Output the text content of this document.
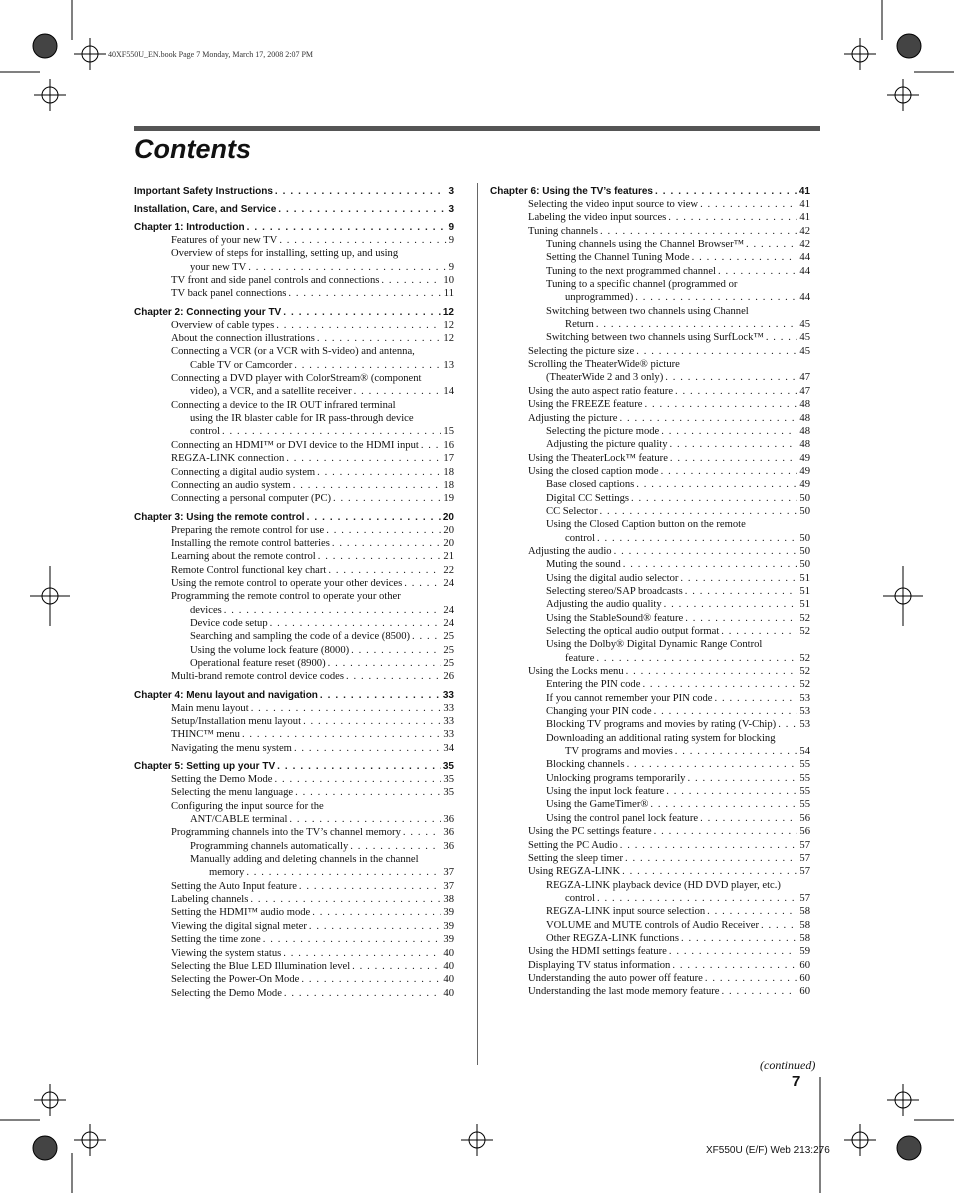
40XF550U_EN.book Page 7 Monday, March 17, 2008 2:07 PM
Contents
Important Safety Instructions . . .	3
Installation, Care, and Service . . .	3
Chapter 1: Introduction . . .	9
Features of your new TV . . .	9
Overview of steps for installing, setting up, and using
your new TV . . .	9
TV front and side panel controls and connections . . .	10
TV back panel connections . . .	11
Chapter 2: Connecting your TV . . .	12
Overview of cable types . . .	12
About the connection illustrations . . .	12
Connecting a VCR (or a VCR with S-video) and antenna,
Cable TV or Camcorder . . .	13
Connecting a DVD player with ColorStream® (component
video), a VCR, and a satellite receiver . . .	14
Connecting a device to the IR OUT infrared terminal
using the IR blaster cable for IR pass-through device
control . . .	15
Connecting an HDMI™ or DVI device to the HDMI input . . . 16
REGZA-LINK connection . . .	17
Connecting a digital audio system . . .	18
Connecting an audio system . . .	18
Connecting a personal computer (PC) . . .	19
Chapter 3: Using the remote control . . .	20
Preparing the remote control for use . . .	20
Installing the remote control batteries . . .	20
Learning about the remote control . . .	21
Remote Control functional key chart . . .	22
Using the remote control to operate your other devices . . .	24
Programming the remote control to operate your other
devices . . .	24
Device code setup . . .	24
Searching and sampling the code of a device (8500) . . .	25
Using the volume lock feature (8000) . . .	25
Operational feature reset (8900) . . .	25
Multi-brand remote control device codes . . .	26
Chapter 4: Menu layout and navigation . . .	33
Main menu layout . . .	33
Setup/Installation menu layout . . .	33
THINC™ menu . . .	33
Navigating the menu system . . .	34
Chapter 5: Setting up your TV . . .	35
Setting the Demo Mode . . .	35
Selecting the menu language . . .	35
Configuring the input source for the
ANT/CABLE terminal . . .	36
Programming channels into the TV’s channel memory . . .	36
Programming channels automatically . . .	36
Manually adding and deleting channels in the channel
memory . . .	37
Setting the Auto Input feature . . .	37
Labeling channels . . .	38
Setting the HDMI™ audio mode . . .	39
Viewing the digital signal meter . . .	39
Setting the time zone . . .	39
Viewing the system status . . .	40
Selecting the Blue LED Illumination level . . .	40
Selecting the Power-On Mode . . .	40
Selecting the Demo Mode . . .	40
Chapter 6: Using the TV’s features . . .	41
Selecting the video input source to view . . .	41
Labeling the video input sources . . .	41
Tuning channels . . .	42
Tuning channels using the Channel Browser™ . . .	42
Setting the Channel Tuning Mode . . .	44
Tuning to the next programmed channel . . .	44
Tuning to a specific channel (programmed or
unprogrammed) . . .	44
Switching between two channels using Channel
Return . . .	45
Switching between two channels using SurfLock™ . . .	45
Selecting the picture size . . .	45
Scrolling the TheaterWide® picture
(TheaterWide 2 and 3 only) . . .	47
Using the auto aspect ratio feature . . .	47
Using the FREEZE feature . . .	48
Adjusting the picture . . .	48
Selecting the picture mode . . .	48
Adjusting the picture quality . . .	48
Using the TheaterLock™ feature . . .	49
Using the closed caption mode . . .	49
Base closed captions . . .	49
Digital CC Settings . . .	50
CC Selector . . .	50
Using the Closed Caption button on the remote
control . . .	50
Adjusting the audio . . .	50
Muting the sound . . .	50
Using the digital audio selector . . .	51
Selecting stereo/SAP broadcasts . . .	51
Adjusting the audio quality . . .	51
Using the StableSound® feature . . .	52
Selecting the optical audio output format . . .	52
Using the Dolby® Digital Dynamic Range Control
feature . . .	52
Using the Locks menu . . .	52
Entering the PIN code . . .	52
If you cannot remember your PIN code . . .	53
Changing your PIN code . . .	53
Blocking TV programs and movies by rating (V-Chip) . . . 53
Downloading an additional rating system for blocking
TV programs and movies . . .	54
Blocking channels . . .	55
Unlocking programs temporarily . . .	55
Using the input lock feature . . .	55
Using the GameTimer® . . .	55
Using the control panel lock feature . . .	56
Using the PC settings feature . . .	56
Setting the PC Audio . . .	57
Setting the sleep timer . . .	57
Using REGZA-LINK . . .	57
REGZA-LINK playback device (HD DVD player, etc.)
control . . .	57
REGZA-LINK input source selection . . .	58
VOLUME and MUTE controls of Audio Receiver . . .	58
Other REGZA-LINK functions . . .	58
Using the HDMI settings feature . . .	59
Displaying TV status information . . .	60
Understanding the auto power off feature . . .	60
Understanding the last mode memory feature . . .	60
(continued)
7
XF550U (E/F) Web 213:276
